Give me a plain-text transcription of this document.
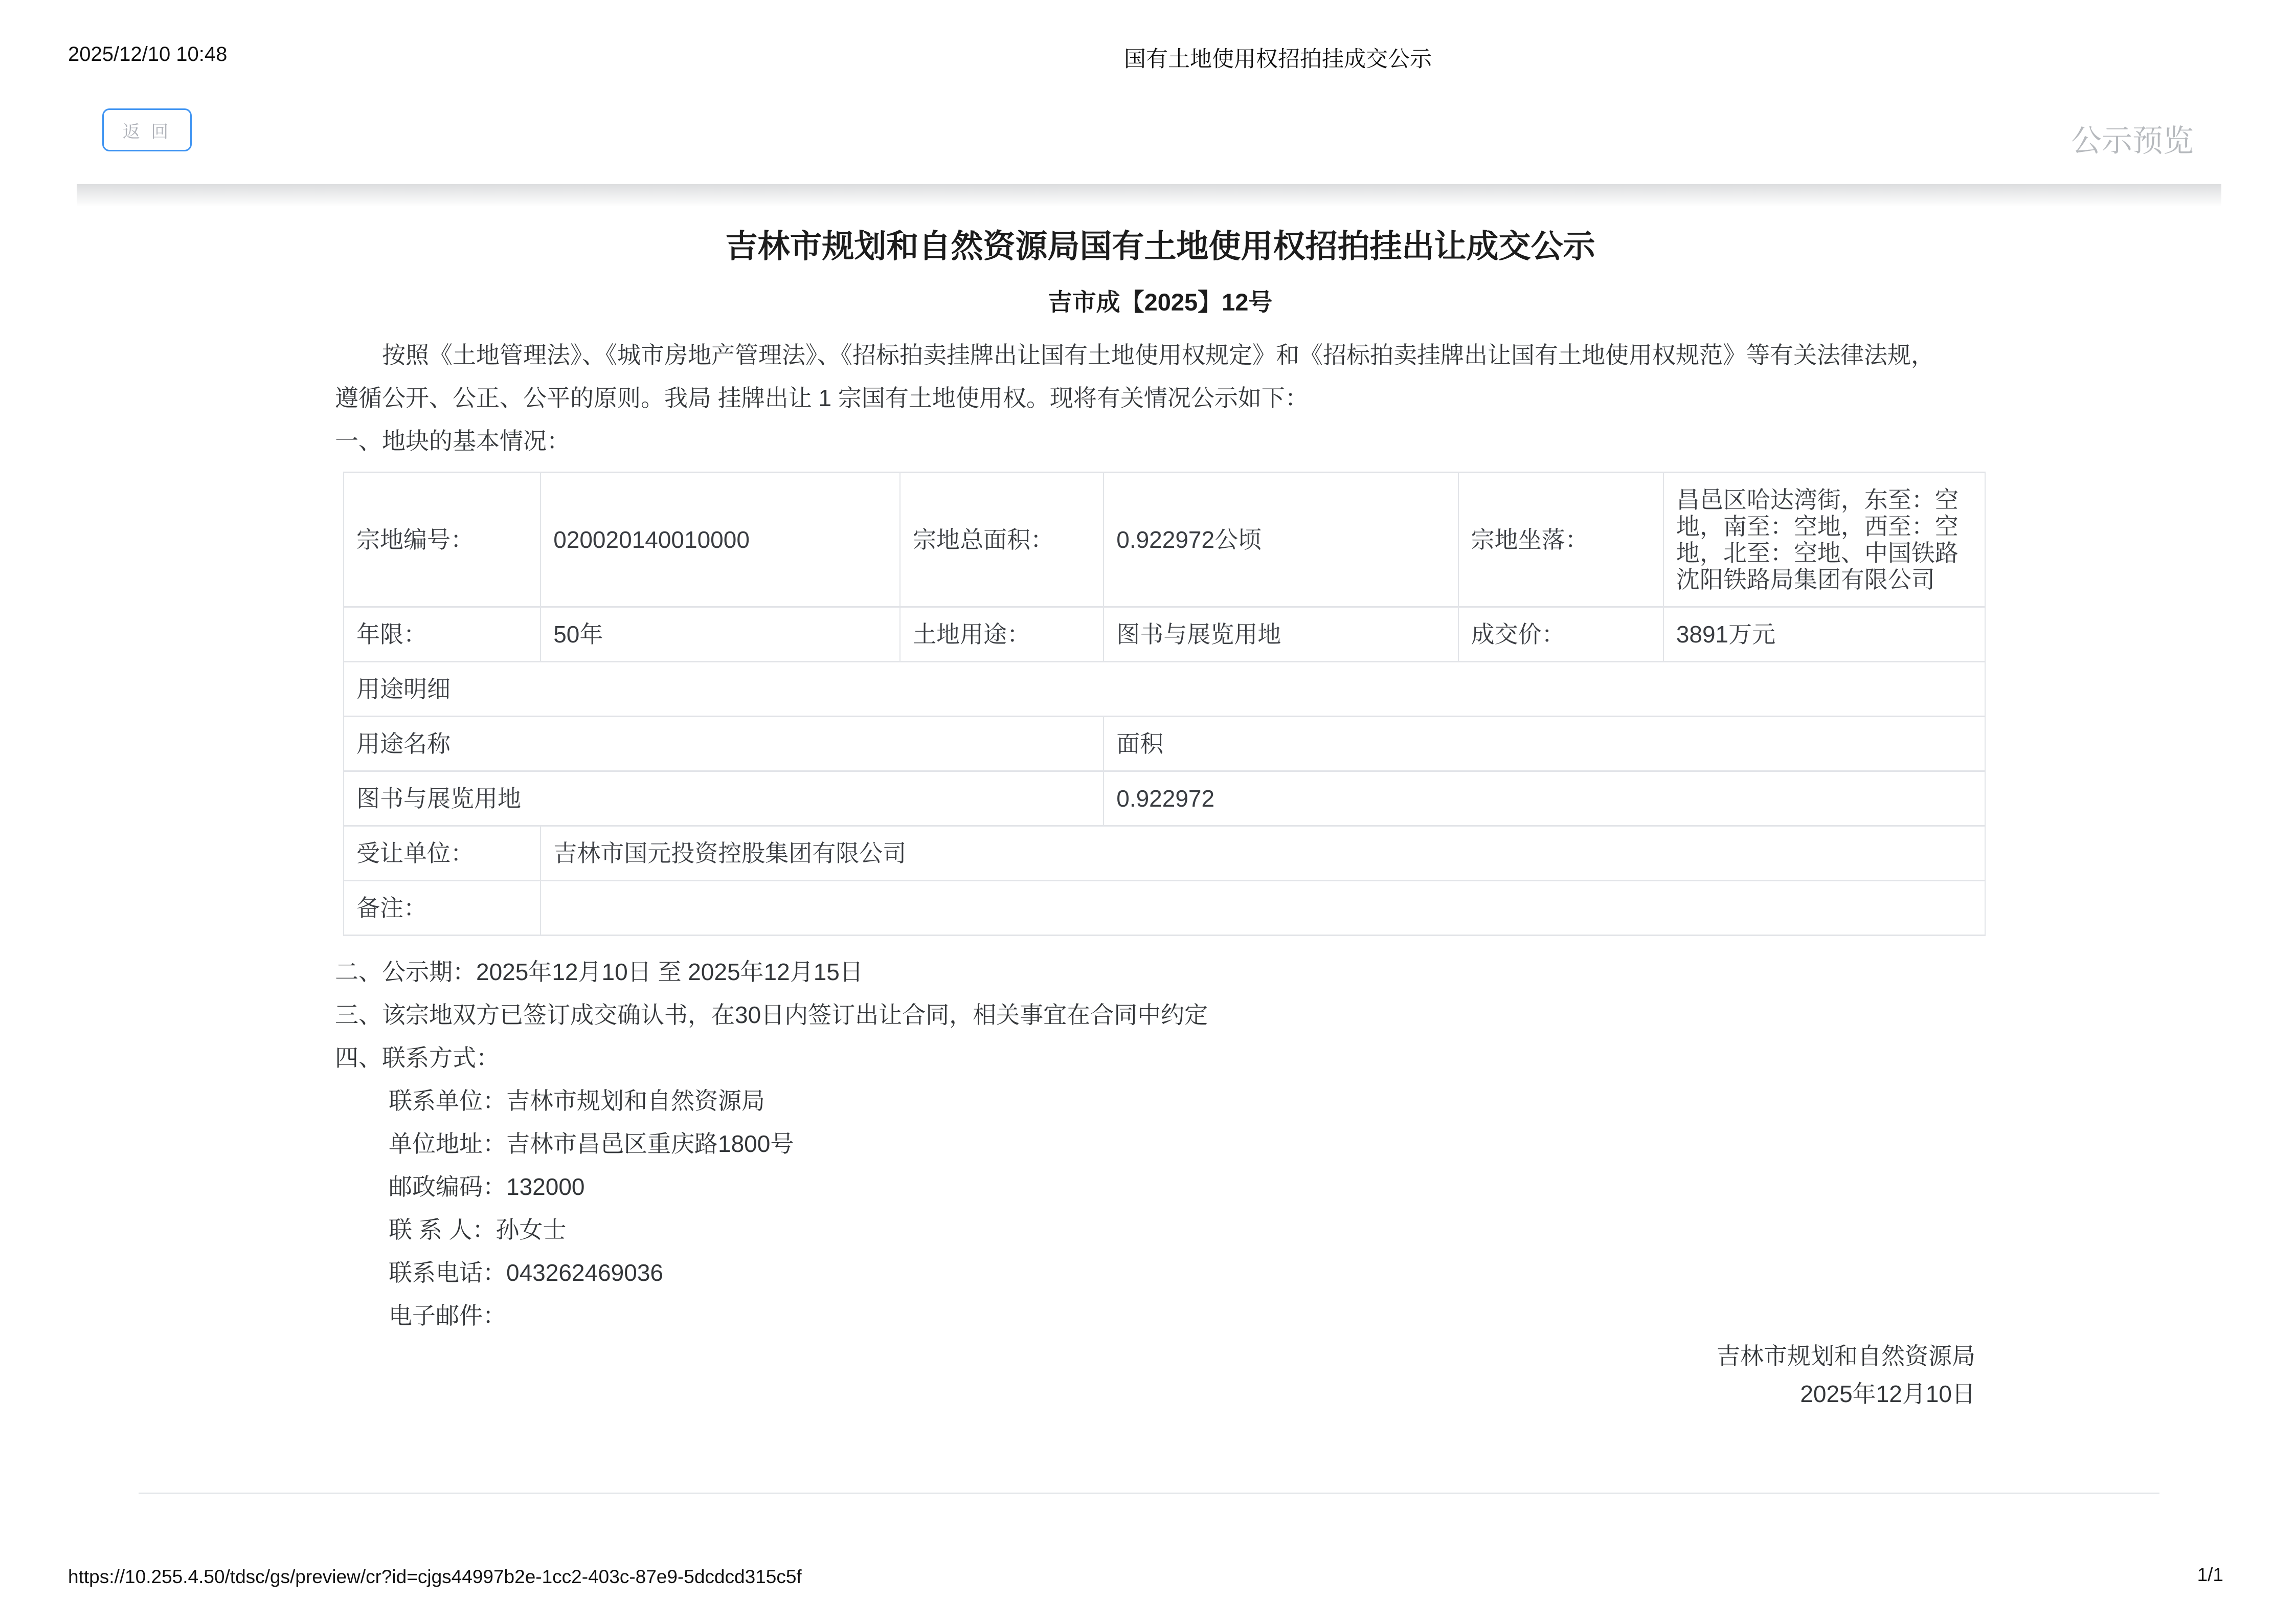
2025/12/10 10:48	国有土地使用权招拍挂成交公示
返 回	公示预览
吉林市规划和自然资源局国有土地使用权招拍挂出让成交公示
吉市成【2025】12号
按照《土地管理法》、《城市房地产管理法》、《招标拍卖挂牌出让国有土地使用权规定》和《招标拍卖挂牌出让国有土地使用权规范》等有关法律法规，遵循公开、公正、公平的原则。我局 挂牌出让 1 宗国有土地使用权。现将有关情况公示如下：
一、地块的基本情况：
宗地编号：	020020140010000	宗地总面积：	0.922972公顷	宗地坐落：	昌邑区哈达湾街，东至：空地，南至：空地，西至：空地，北至：空地、中国铁路沈阳铁路局集团有限公司
年限：	50年	土地用途：	图书与展览用地	成交价：	3891万元
用途明细					
用途名称			面积		
图书与展览用地			0.922972		
受让单位：	吉林市国元投资控股集团有限公司				
备注：					
二、公示期：2025年12月10日 至 2025年12月15日
三、该宗地双方已签订成交确认书，在30日内签订出让合同，相关事宜在合同中约定
四、联系方式：
联系单位：吉林市规划和自然资源局
单位地址：吉林市昌邑区重庆路1800号
邮政编码：132000
联 系 人：孙女士
联系电话：043262469036
电子邮件：
吉林市规划和自然资源局
2025年12月10日
https://10.255.4.50/tdsc/gs/preview/cr?id=cjgs44997b2e-1cc2-403c-87e9-5dcdcd315c5f	1/1
